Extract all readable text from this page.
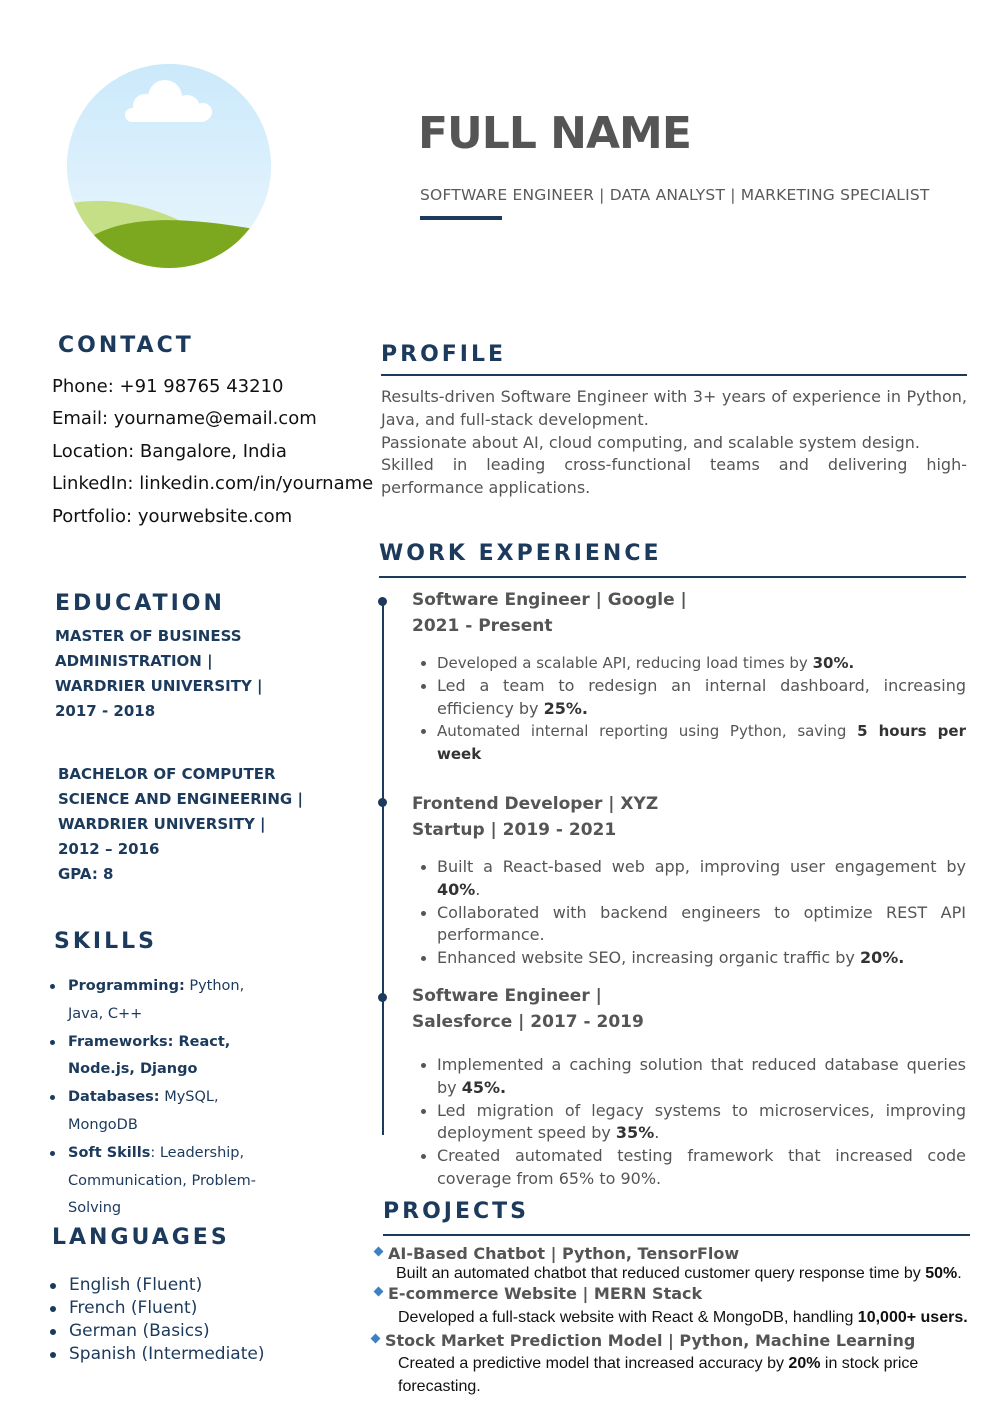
FULL NAME
SOFTWARE ENGINEER | DATA ANALYST | MARKETING SPECIALIST
CONTACT
Phone: +91 98765 43210
Email: yourname@email.com
Location: Bangalore, India
LinkedIn: linkedin.com/in/yourname
Portfolio: yourwebsite.com
EDUCATION
MASTER OF BUSINESS
ADMINISTRATION |
WARDRIER UNIVERSITY |
2017 - 2018
BACHELOR OF COMPUTER
SCIENCE AND ENGINEERING |
WARDRIER UNIVERSITY |
2012 – 2016
GPA: 8
SKILLS
Programming: Python, Java, C++
Frameworks: React, Node.js, Django
Databases: MySQL, MongoDB
Soft Skills: Leadership, Communication, Problem-Solving
LANGUAGES
English (Fluent)
French (Fluent)
German (Basics)
Spanish (Intermediate)
PROFILE

Results-driven Software Engineer with 3+ years of experience in Python, Java, and full-stack development.

Passionate about AI, cloud computing, and scalable system design.

Skilled in leading cross-functional teams and delivering high-performance applications.

WORK EXPERIENCE
Software Engineer | Google |
2021 - Present
Developed a scalable API, reducing load times by 30%.
Led a team to redesign an internal dashboard, increasing efficiency by 25%.
Automated internal reporting using Python, saving 5 hours per week
Frontend Developer | XYZ
Startup | 2019 - 2021
Built a React-based web app, improving user engagement by 40%.
Collaborated with backend engineers to optimize REST API performance.
Enhanced website SEO, increasing organic traffic by 20%.
Software Engineer |
Salesforce | 2017 - 2019
Implemented a caching solution that reduced database queries by 45%.
Led migration of legacy systems to microservices, improving deployment speed by 35%.
Created automated testing framework that increased code coverage from 65% to 90%.
PROJECTS
AI-Based Chatbot | Python, TensorFlow
Built an automated chatbot that reduced customer query response time by 50%.
E-commerce Website | MERN Stack
Developed a full-stack website with React & MongoDB, handling 10,000+ users.
Stock Market Prediction Model | Python, Machine Learning
Created a predictive model that increased accuracy by 20% in stock price forecasting.
